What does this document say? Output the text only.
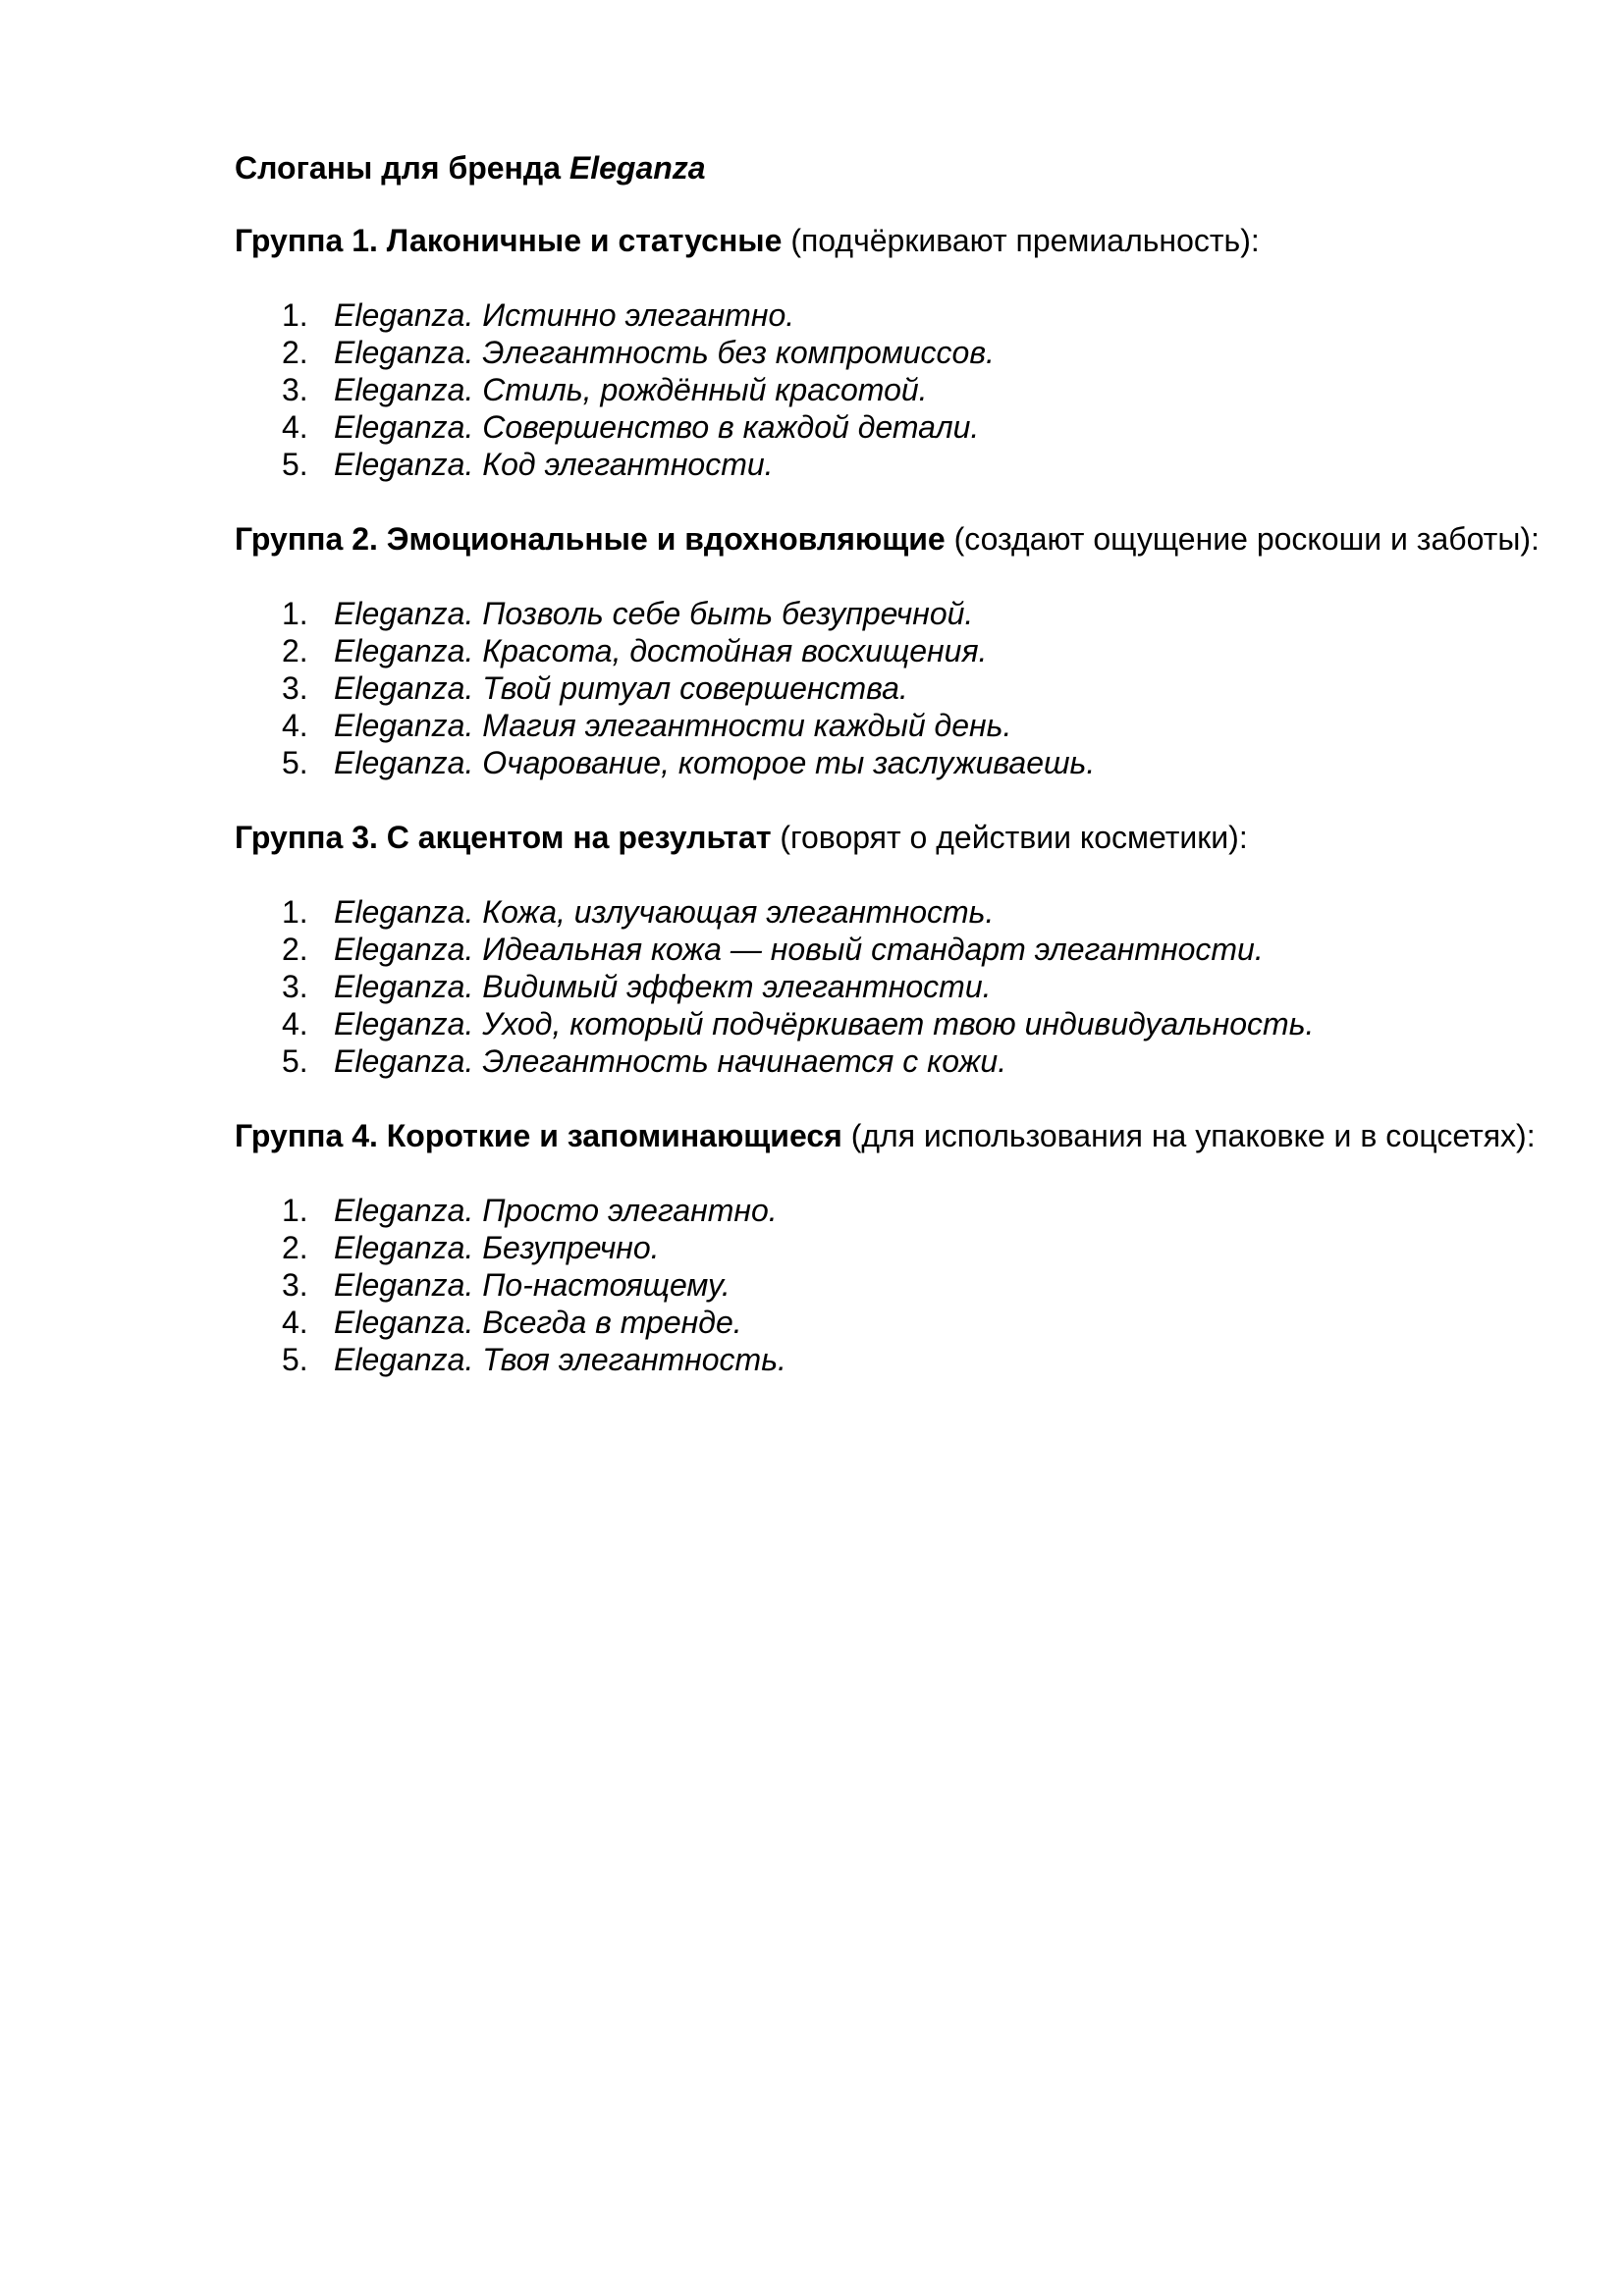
Слоганы для бренда Eleganza
Группа 1. Лаконичные и статусные (подчёркивают премиальность):
1. Eleganza. Истинно элегантно.
2. Eleganza. Элегантность без компромиссов.
3. Eleganza. Стиль, рождённый красотой.
4. Eleganza. Совершенство в каждой детали.
5. Eleganza. Код элегантности.
Группа 2. Эмоциональные и вдохновляющие (создают ощущение роскоши и заботы):
1. Eleganza. Позволь себе быть безупречной.
2. Eleganza. Красота, достойная восхищения.
3. Eleganza. Твой ритуал совершенства.
4. Eleganza. Магия элегантности каждый день.
5. Eleganza. Очарование, которое ты заслуживаешь.
Группа 3. С акцентом на результат (говорят о действии косметики):
1. Eleganza. Кожа, излучающая элегантность.
2. Eleganza. Идеальная кожа — новый стандарт элегантности.
3. Eleganza. Видимый эффект элегантности.
4. Eleganza. Уход, который подчёркивает твою индивидуальность.
5. Eleganza. Элегантность начинается с кожи.
Группа 4. Короткие и запоминающиеся (для использования на упаковке и в соцсетях):
1. Eleganza. Просто элегантно.
2. Eleganza. Безупречно.
3. Eleganza. По-настоящему.
4. Eleganza. Всегда в тренде.
5. Eleganza. Твоя элегантность.
